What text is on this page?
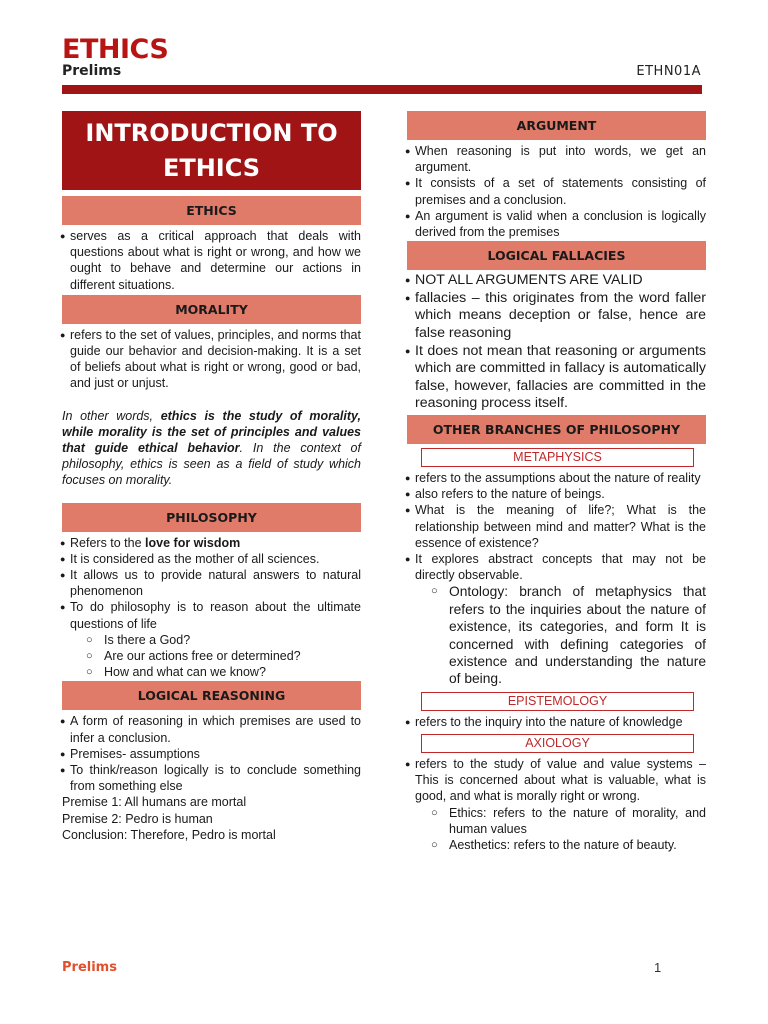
ETHICS
Prelims	ETHN01A
INTRODUCTION TO
ETHICS
ETHICS
● serves as a critical approach that deals with questions about what is right or wrong, and how we ought to behave and determine our actions in different situations.
MORALITY
● refers to the set of values, principles, and norms that guide our behavior and decision-making. It is a set of beliefs about what is right or wrong, good or bad, and just or unjust.
In other words, ethics is the study of morality, while morality is the set of principles and values that guide ethical behavior. In the context of philosophy, ethics is seen as a field of study which focuses on morality.
PHILOSOPHY
● Refers to the love for wisdom
● It is considered as the mother of all sciences.
● It allows us to provide natural answers to natural phenomenon
● To do philosophy is to reason about the ultimate questions of life
○ Is there a God?
○ Are our actions free or determined?
○ How and what can we know?
LOGICAL REASONING
● A form of reasoning in which premises are used to infer a conclusion.
● Premises- assumptions
● To think/reason logically is to conclude something from something else
Premise 1: All humans are mortal
Premise 2: Pedro is human
Conclusion: Therefore, Pedro is mortal
ARGUMENT
● When reasoning is put into words, we get an argument.
● It consists of a set of statements consisting of premises and a conclusion.
● An argument is valid when a conclusion is logically derived from the premises
LOGICAL FALLACIES
● NOT ALL ARGUMENTS ARE VALID
● fallacies – this originates from the word faller which means deception or false, hence are false reasoning
● It does not mean that reasoning or arguments which are committed in fallacy is automatically false, however, fallacies are committed in the reasoning process itself.
OTHER BRANCHES OF PHILOSOPHY
METAPHYSICS
● refers to the assumptions about the nature of reality
● also refers to the nature of beings.
● What is the meaning of life?; What is the relationship between mind and matter? What is the essence of existence?
● It explores abstract concepts that may not be directly observable.
○ Ontology: branch of metaphysics that refers to the inquiries about the nature of existence, its categories, and form It is concerned with defining categories of existence and understanding the nature of being.
EPISTEMOLOGY
● refers to the inquiry into the nature of knowledge
AXIOLOGY
● refers to the study of value and value systems – This is concerned about what is valuable, what is good, and what is morally right or wrong.
○ Ethics: refers to the nature of morality, and human values
○ Aesthetics: refers to the nature of beauty.
Prelims	1
